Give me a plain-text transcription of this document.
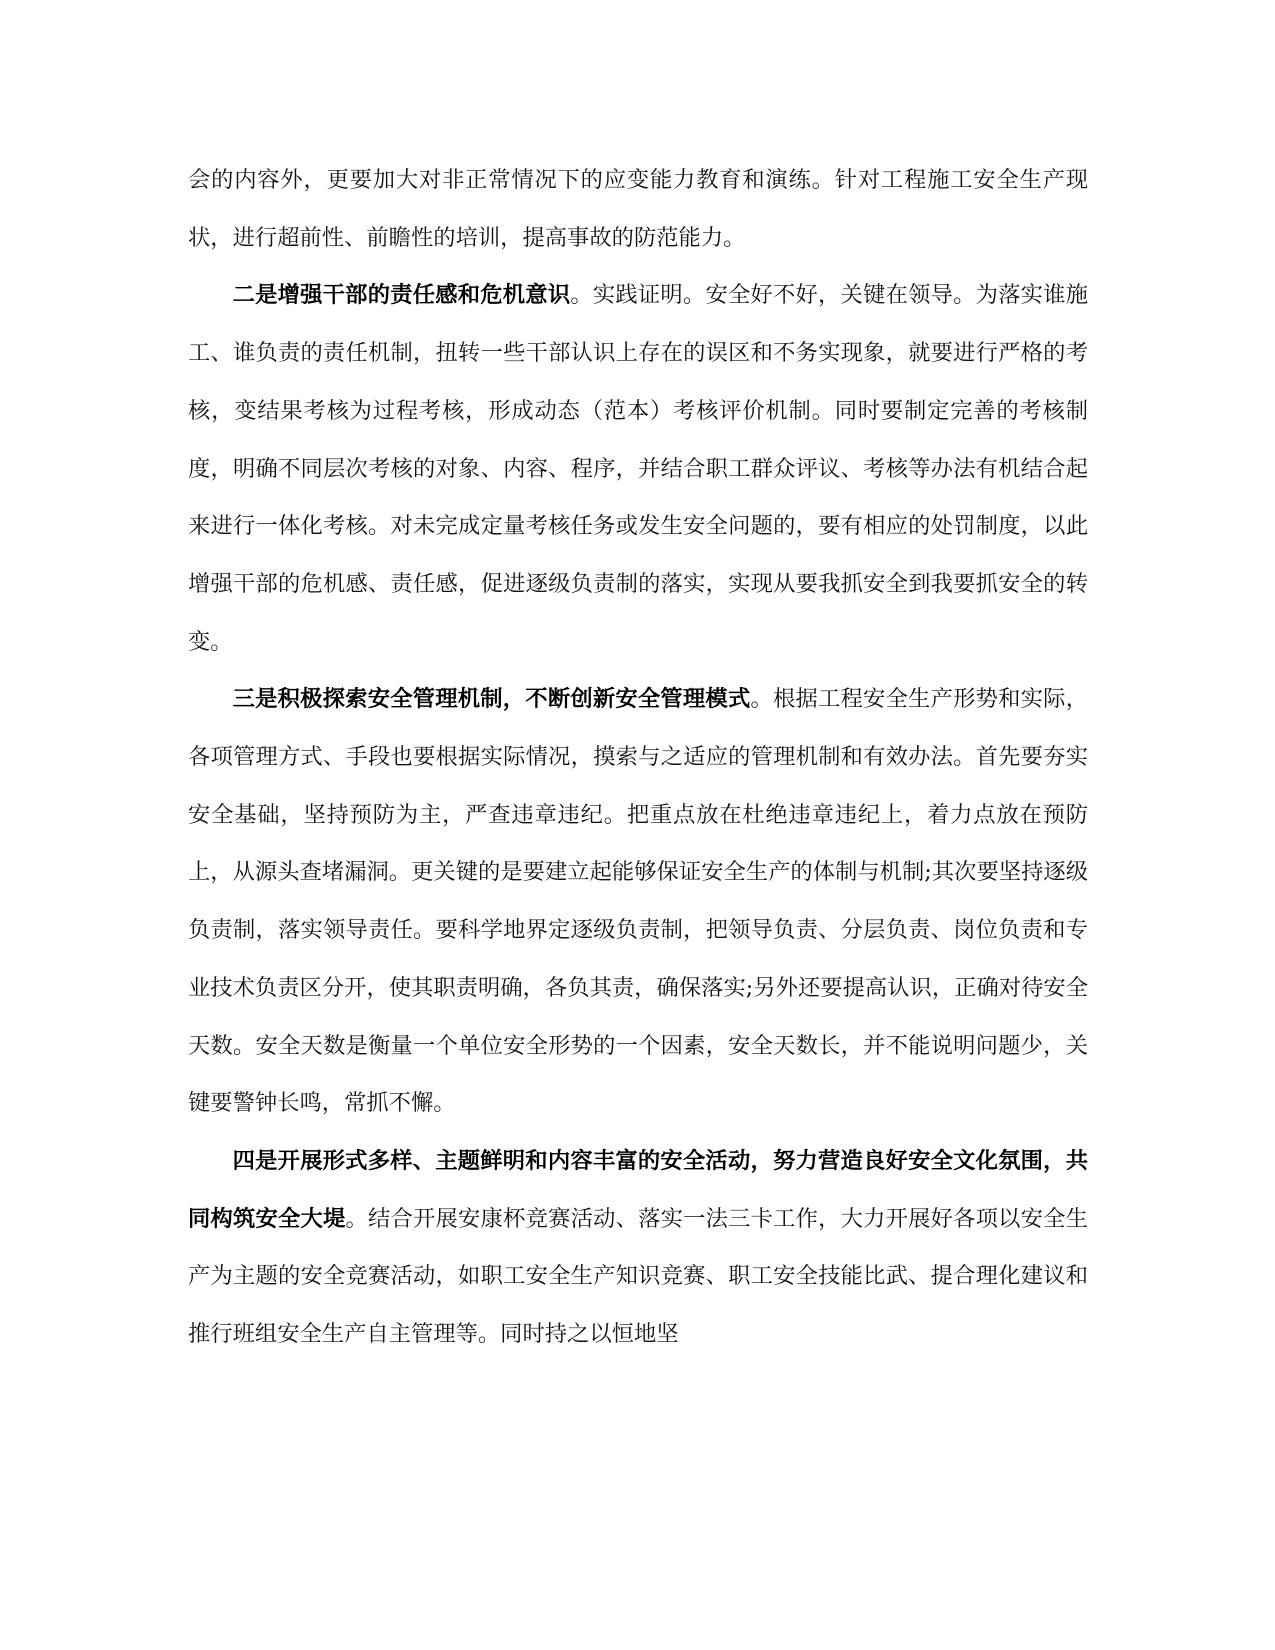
会的内容外，更要加大对非正常情况下的应变能力教育和演练。针对工程施工安全生产现状，进行超前性、前瞻性的培训，提高事故的防范能力。

二是增强干部的责任感和危机意识。实践证明。安全好不好，关键在领导。为落实谁施工、谁负责的责任机制，扭转一些干部认识上存在的误区和不务实现象，就要进行严格的考核，变结果考核为过程考核，形成动态（范本）考核评价机制。同时要制定完善的考核制度，明确不同层次考核的对象、内容、程序，并结合职工群众评议、考核等办法有机结合起来进行一体化考核。对未完成定量考核任务或发生安全问题的，要有相应的处罚制度，以此增强干部的危机感、责任感，促进逐级负责制的落实，实现从要我抓安全到我要抓安全的转变。

三是积极探索安全管理机制，不断创新安全管理模式。根据工程安全生产形势和实际，各项管理方式、手段也要根据实际情况，摸索与之适应的管理机制和有效办法。首先要夯实安全基础，坚持预防为主，严查违章违纪。把重点放在杜绝违章违纪上，着力点放在预防上，从源头查堵漏洞。更关键的是要建立起能够保证安全生产的体制与机制;其次要坚持逐级负责制，落实领导责任。要科学地界定逐级负责制，把领导负责、分层负责、岗位负责和专业技术负责区分开，使其职责明确，各负其责，确保落实;另外还要提高认识，正确对待安全天数。安全天数是衡量一个单位安全形势的一个因素，安全天数长，并不能说明问题少，关键要警钟长鸣，常抓不懈。

四是开展形式多样、主题鲜明和内容丰富的安全活动，努力营造良好安全文化氛围，共同构筑安全大堤。结合开展安康杯竞赛活动、落实一法三卡工作，大力开展好各项以安全生产为主题的安全竞赛活动，如职工安全生产知识竞赛、职工安全技能比武、提合理化建议和推行班组安全生产自主管理等。同时持之以恒地坚
